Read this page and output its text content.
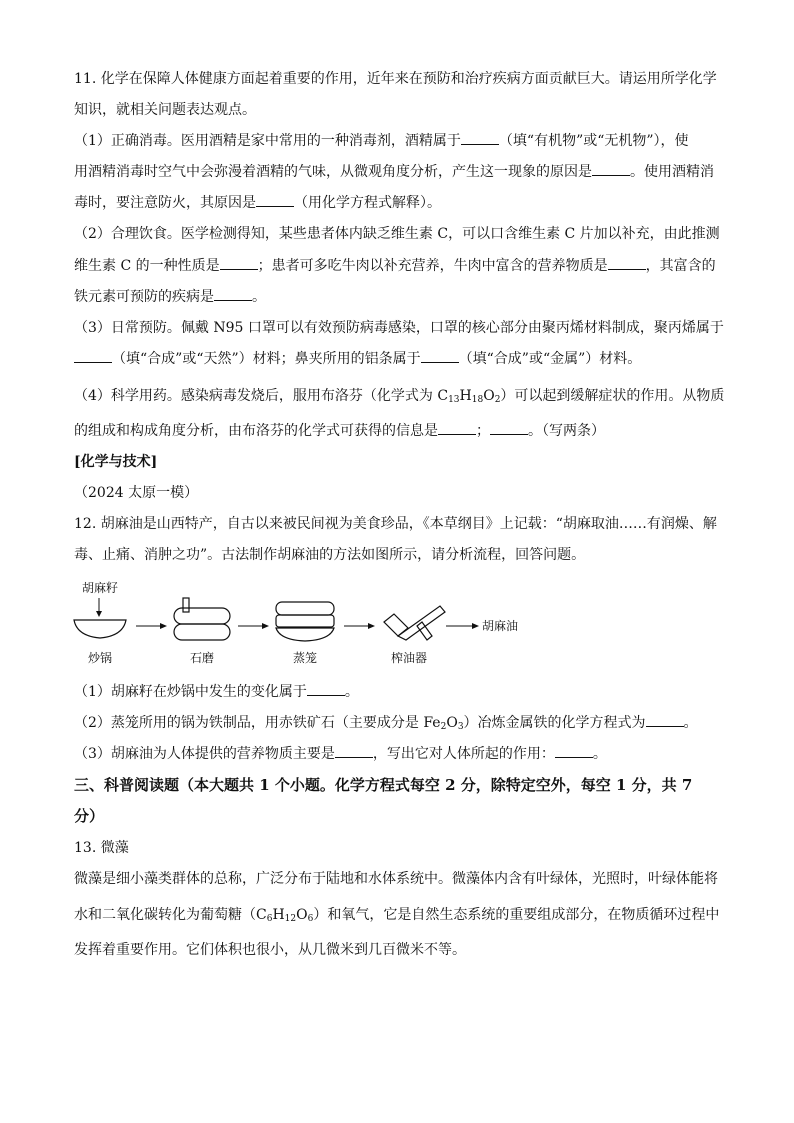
11. 化学在保障人体健康方面起着重要的作用，近年来在预防和治疗疾病方面贡献巨大。请运用所学化学
知识，就相关问题表达观点。
（1）正确消毒。医用酒精是家中常用的一种消毒剂，酒精属于	（填“有机物”或“无机物”），使
用酒精消毒时空气中会弥漫着酒精的气味，从微观角度分析，产生这一现象的原因是	。使用酒精消
毒时，要注意防火，其原因是	（用化学方程式解释）。
（2）合理饮食。医学检测得知，某些患者体内缺乏维生素 C，可以口含维生素 C 片加以补充，由此推测
维生素 C 的一种性质是	；患者可多吃牛肉以补充营养，牛肉中富含的营养物质是	，其富含的
铁元素可预防的疾病是	。
（3）日常预防。佩戴 N95 口罩可以有效预防病毒感染，口罩的核心部分由聚丙烯材料制成，聚丙烯属于
（填“合成”或“天然”）材料；鼻夹所用的铝条属于	（填“合成”或“金属”）材料。
（4）科学用药。感染病毒发烧后，服用布洛芬（化学式为 $C_{13}H_{18}O_2$）可以起到缓解症状的作用。从物质
的组成和构成角度分析，由布洛芬的化学式可获得的信息是	；	。（写两条）
[化学与技术]
（2024 太原一模）
12. 胡麻油是山西特产，自古以来被民间视为美食珍品，《本草纲目》上记载：“胡麻取油……有润燥、解
毒、止痛、消肿之功”。古法制作胡麻油的方法如图所示，请分析流程，回答问题。
胡麻籽
炒锅	石磨	蒸笼	榨油器
胡麻油
（1）胡麻籽在炒锅中发生的变化属于	。
（2）蒸笼所用的锅为铁制品，用赤铁矿石（主要成分是 $Fe_2O_3$）冶炼金属铁的化学方程式为	。
（3）胡麻油为人体提供的营养物质主要是	，写出它对人体所起的作用：	。
三、科普阅读题（本大题共 1 个小题。化学方程式每空 2 分，除特定空外，每空 1 分，共 7
分）
13. 微藻
微藻是细小藻类群体的总称，广泛分布于陆地和水体系统中。微藻体内含有叶绿体，光照时，叶绿体能将
水和二氧化碳转化为葡萄糖$(C_6H_{12}O_6)$和氧气，它是自然生态系统的重要组成部分，在物质循环过程中
发挥着重要作用。它们体积也很小，从几微米到几百微米不等。
